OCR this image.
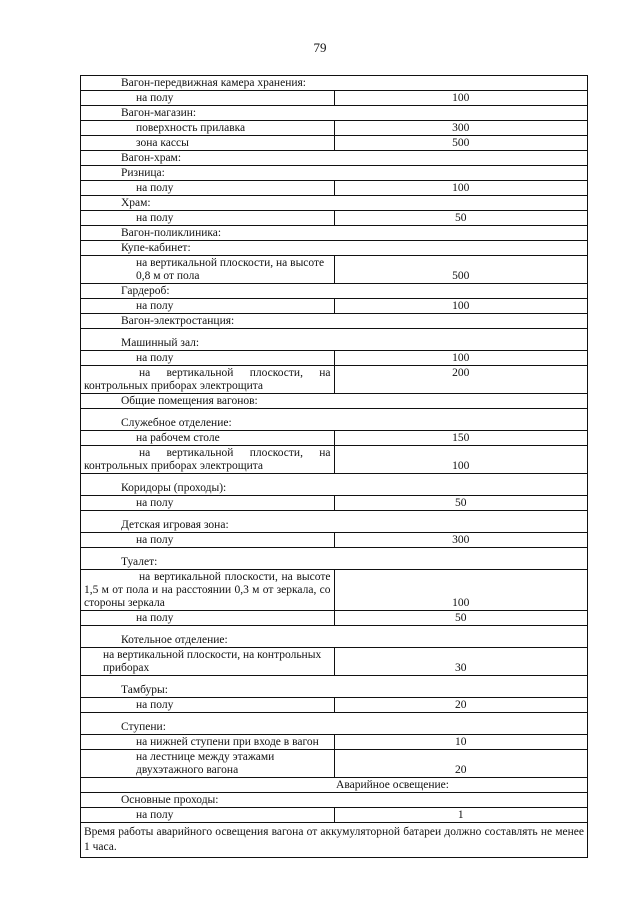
79
Вагон-передвижная камера хранения:	
на полу	100
Вагон-магазин:	
поверхность прилавка	300
зона кассы	500
Вагон-храм:	
Ризница:	
на полу	100
Храм:	
на полу	50
Вагон-поликлиника:	
Купе-кабинет:	
на вертикальной плоскости, на высоте 0,8 м от пола	500
Гардероб:	
на полу	100
Вагон-электростанция:	
Машинный зал:	
на полу	100
на вертикальной плоскости, на контрольных приборах электрощита	200
Общие помещения вагонов:	
Служебное отделение:	
на рабочем столе	150
на вертикальной плоскости, на контрольных приборах электрощита	100
Коридоры (проходы):	
на полу	50
Детская игровая зона:	
на полу	300
Туалет:	
на вертикальной плоскости, на высоте 1,5 м от пола и на расстоянии 0,3 м от зеркала, со стороны зеркала	100
на полу	50
Котельное отделение:	
на вертикальной плоскости, на контрольных приборах	30
Тамбуры:	
на полу	20
Ступени:	
на нижней ступени при входе в вагон	10
на лестнице между этажами двухэтажного вагона	20
Аварийное освещение:	
Основные проходы:	
на полу	1
Время работы аварийного освещения вагона от аккумуляторной батареи должно составлять не менее 1 часа.	
